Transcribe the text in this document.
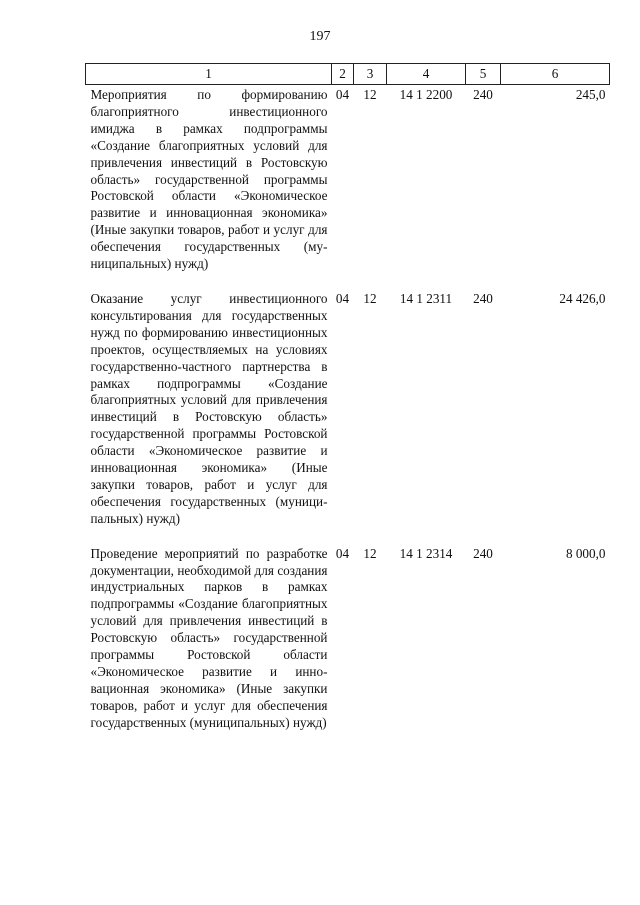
197
1	2	3	4	5	6
Мероприятия по формированию благоприятного инвестиционного имиджа в рамках подпрограммы «Создание благоприятных условий для привлечения инвестиций в Ростовскую область» государственной программы Ростовской области «Экономическое развитие и инновационная экономика» (Иные закупки товаров, работ и услуг для обеспечения государственных (муниципальных) нужд)	04	12	14 1 2200	240	245,0
Оказание услуг инвестиционного консультирования для государственных нужд по формированию инвестиционных проектов, осуществляемых на условиях государственно-частного партнерства в рамках подпрограммы «Создание благоприятных условий для привлечения инвестиций в Ростовскую область» государственной программы Ростовской области «Экономическое развитие и инновационная экономика» (Иные закупки товаров, работ и услуг для обеспечения государственных (муниципальных) нужд)	04	12	14 1 2311	240	24 426,0
Проведение мероприятий по разработке документации, необходимой для создания индустриальных парков в рамках подпрограммы «Создание благоприятных условий для привлечения инвестиций в Ростовскую область» государственной программы Ростовской области «Экономическое развитие и инновационная экономика» (Иные закупки товаров, работ и услуг для обеспечения государственных (муниципальных) нужд)	04	12	14 1 2314	240	8 000,0
